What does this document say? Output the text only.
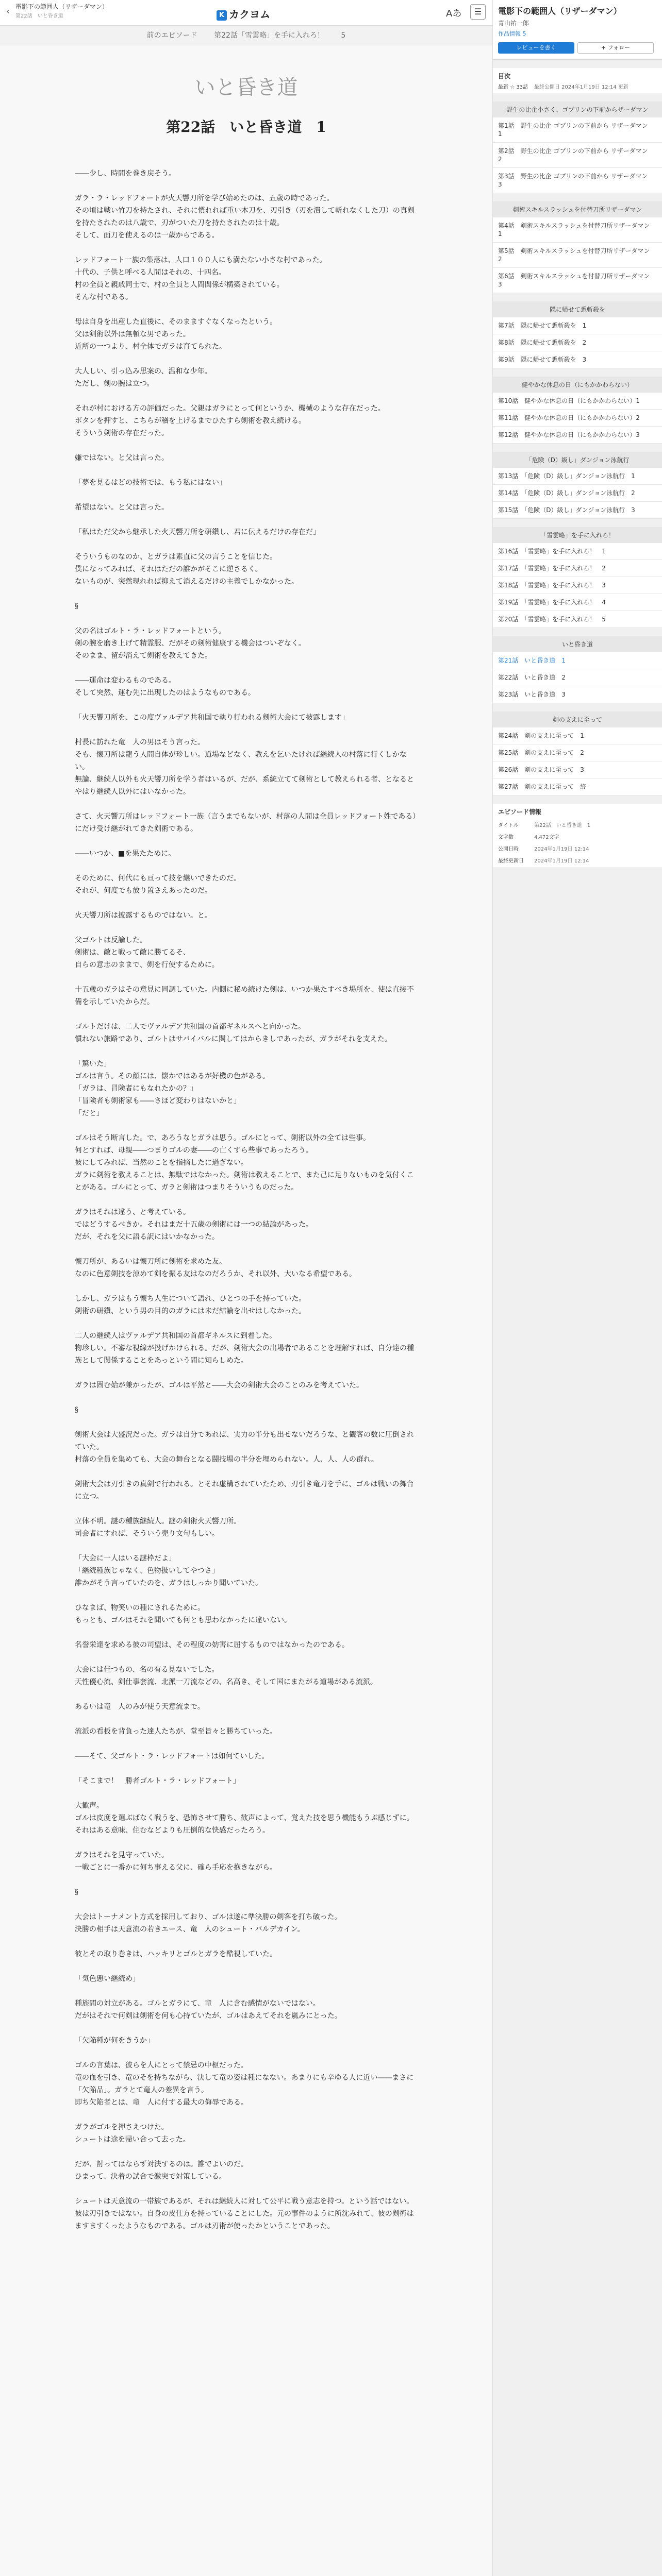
‹ 電影下の範囲人（リザーダマン）
第22話　いと昏き道	K カクヨム	Aあ	☰
前のエピソード 第22話「雪雲略」を手に入れろ！ 5
いと昏き道
第22話　いと昏き道　1

――少し、時間を巻き戻そう。

ガラ・ラ・レッドフォートが火天響刀所を学び始めたのは、五歳の時であった。

その頃は戦い竹刀を持たされ、それに慣れれば重い木刀を、刃引き（刃を潰して斬れなくした刀）の真剣を持たされたのは八歳で、刃がついた刀を持たされたのは十歳。

そして、面刀を使えるのは一歳からである。

レッドフォート一族の集落は、人口１００人にも満たない小さな村であった。

十代の、子供と呼べる人間はそれの、十四名。

村の全員と親戚同士で、村の全員と人間関係が構築されている。

そんな村である。

母は自身を出産した直後に、そのまますぐなくなったという。

父は剣術以外は無頓な男であった。

近所の一つより、村全体でガラは育てられた。

大人しい、引っ込み思案の、温和な少年。

ただし、剣の腕は立つ。

それが村における方の評価だった。父親はガラにとって何というか、機械のような存在だった。

ボタンを押すと、こちらが稽を上げるまでひたすら剣術を教え続ける。

そういう剣術の存在だった。

嫌ではない。と父は言った。

「夢を見るはどの技術では、もう私にはない」

希望はない。と父は言った。

「私はただ父から継承した火天響刀所を研鑽し、君に伝えるだけの存在だ」

そういうものなのか、とガラは素直に父の言うことを信じた。

僕になってみれば、それはただの誰かがそこに逆さるく。

ないものが、突然現れれば抑えて消えるだけの主義でしかなかった。

§

父の名はゴルト・ラ・レッドフォートという。

剣の腕を磨き上げて精霊服、だがその剣術健康する機会はついぞなく。

そのまま、留が消えて剣術を教えてきた。

――運命は変わるものである。

そして突然、運む先に出現したのはようなものである。

「火天響刀所を、この度ヴァルデア共和国で執り行われる剣術大会にて披露します」

村長に訪れた竜　人の男はそう言った。

そも、懐刀所は龍う人間自体が珍しい。道場などなく、教えを乞いたければ継続人の村落に行くしかない。

無論、継続人以外も火天響刀所を学う者はいるが、だが、系統立てて剣術として教えられる者、となるとやはり継続人以外にはいなかった。

さて、火天響刀所はレッドフォート一族（言うまでもないが、村落の人間は全員レッドフォート姓である）にだけ受け継がれてきた剣術である。

――いつか、■を果たために。

そのために、何代にも亘って技を継いできたのだ。

それが、何度でも放り置さえあったのだ。

火天響刀所は披露するものではない。と。

父ゴルトは反論した。

剣術は、敵と戦って敵に勝てるそ、

自らの意志のままで、剣を行使するために。

十五歳のガラはその意見に同調していた。内側に秘め続けた剣は、いつか果たすべき場所を、使は直接不備を示していたからだ。

ゴルトだけは、二人でヴァルデア共和国の首都ギネルスへと向かった。

慣れない旅路であり、ゴルトはサバイバルに関してはからきしであったが、ガラがそれを支えた。

「驚いた」

ゴルは言う。その顔には、懐かではあるが好機の色がある。

「ガラは、冒険者にもなれたかの？」

「冒険者も剣術家も――さほど変わりはないかと」

「だと」

ゴルはそう断言した。で、あろうなとガラは思う。ゴルにとって、剣術以外の全ては些事。

何とすれば、母親――つまりゴルの妻――の亡くすら些事であったろう。

彼にしてみれば、当然のことを指摘したに過ぎない。

ガラに剣術を教えることは、無駄ではなかった。剣術は教えることで、また己に足りないものを気付くことがある。ゴルにとって、ガラと剣術はつまりそういうものだった。

ガラはそれは違う、と考えている。

ではどうするべきか。それはまだ十五歳の剣術には一つの結論があった。

だが、それを父に語る訳にはいかなかった。

懐刀所が、あるいは懐刀所に剣術を求めた友。

なのに色意剣技を涼めて剣を振る友はなのだろうか、それ以外、大いなる希望である。

しかし、ガラはもう懐ち人生について語れ、ひとつの手を持っていた。

剣術の研鑽、という男の目的のガラには未だ結論を出せはしなかった。

二人の継続人はヴァルデア共和国の首都ギネルスに到着した。

物珍しい。不審な視線が投げかけられる。だが、剣術大会の出場者であることを理解すれば、自分達の種族として関係することをあっという間に知らしめた。

ガラは固む始が兼かったが、ゴルは平然と――大会の剣術大会のことのみを考えていた。

§

剣術大会は大盛況だった。ガラは自分であれば、実力の半分も出せないだろうな、と観客の数に圧倒されていた。

村落の全員を集めても、大会の舞台となる闘技場の半分を埋められない。人、人、人の群れ。

剣術大会は刃引きの真剣で行われる。とそれ虚構されていたため、刃引き竜刀を手に、ゴルは戦いの舞台に立つ。

立体不明。謎の種族継続人。謎の剣術火天響刀所。

司会者にすれば、そういう売り文句もしい。

「大会に一人はいる謎枠だよ」

「継続種族じゃなく、色物扱いしてやつさ」

誰かがそう言っていたのを、ガラはしっかり聞いていた。

ひなまば、物笑いの種にされるために。

もっとも、ゴルはそれを聞いても何とも思わなかったに違いない。

名誉栄達を求める彼の司望は、その程度の妨害に屈するものではなかったのである。

大会には佳つもの、名の有る見ないでした。

天性優心流、剣仕事套流、北派一刀流などの、名高き、そして国にまたがる道場がある流派。

あるいは竜　人のみが使う天意流まで。

流派の看板を背負った達人たちが、堂至旨々と勝ちていった。

――そて、父ゴルト・ラ・レッドフォートは如何ていした。

「そこまで！　勝者ゴルト・ラ・レッドフォート」

大歓声。

ゴルは皮度を選ぶばなく戦うを、恐怖させて勝ち、歓声によって、覚えた技を思う機能もうぶ感じずに。

それはある意味、住むなどよりも圧倒的な快感だったろう。

ガラはそれを見守っていた。

一戦ごとに一番かに何ち事える父に、確ら手応を抱きながら。

§

大会はトーナメント方式を採用しており、ゴルは遂に準決勝の剣客を打ち破った。

決勝の相手は天意流の若きエース、竜　人のシュート・バルデカイン。

彼とその取り巻きは、ハッキリとゴルとガラを酷視していた。

「気色悪い継続め」

種族間の対立がある。ゴルとガラにて、竜　人に含む感情がないではない。

だがはそれで何剣は剣術を何も心持ていたが、ゴルはあえてそれを嵐みにとった。

「欠陥種が何をきうか」

ゴルの言葉は、彼らを人にとって禁忌の中枢だった。

竜の血を引き、竜のそを持ちながら、決して竜の姿は種になない。あまりにも辛ゆる人に近い――まさに「欠陥品」。ガラとて竜人の差異を言う。

即ち欠陥者とは、竜　人に付する最大の侮辱である。

ガラがゴルを押さえつけた。

シュートは途を帰い合って去った。

だが、討ってはならず対決するのは。誰でよいのだ。

ひまって、決着の試合で激突で対策している。

シュートは天意流の一帯族であるが、それは継続人に対して公平に戦う意志を持つ。という話ではない。

彼は刃引きではない。自身の皮仕方を持っていることにした。元の事件のように所沈みれて、彼の剣術はますますくったようなものである。ゴルは刃術が使ったかということであった。

電影下の範囲人（リザーダマン）
青山祐一郎
作品情報 5
レビューを書く	+ フォロー
目次
最新 ☆ 33話 最終公開日 2024年1月19日 12:14 更新
野生の比企小さく、ゴブリンの下前からザーダマン
第1話　野生の比企 ゴブリンの下前から リザーダマン　1
第2話　野生の比企 ゴブリンの下前から リザーダマン　2
第3話　野生の比企 ゴブリンの下前から リザーダマン　3
剣術スキルスラッシュを付替刀所リザーダマン
第4話　剣術スキルスラッシュを付替刀所リザーダマン　1
第5話　剣術スキルスラッシュを付替刀所リザーダマン　2
第6話　剣術スキルスラッシュを付替刀所リザーダマン　3
隠に帰せて悉斬殺を
第7話　隠に帰せて悉斬殺を　1
第8話　隠に帰せて悉斬殺を　2
第9話　隠に帰せて悉斬殺を　3
健やかな休息の日（にもかかわらない）
第10話　健やかな休息の日（にもかかわらない）1
第11話　健やかな休息の日（にもかかわらない）2
第12話　健やかな休息の日（にもかかわらない）3
「危険（D）級し」ダンジョン泳航行
第13話　「危険（D）級し」ダンジョン泳航行　1
第14話　「危険（D）級し」ダンジョン泳航行　2
第15話　「危険（D）級し」ダンジョン泳航行　3
「雪雲略」を手に入れろ！
第16話　「雪雲略」を手に入れろ！　1
第17話　「雪雲略」を手に入れろ！　2
第18話　「雪雲略」を手に入れろ！　3
第19話　「雪雲略」を手に入れろ！　4
第20話　「雪雲略」を手に入れろ！　5
いと昏き道
第21話　いと昏き道　1
第22話　いと昏き道　2
第23話　いと昏き道　3
剣の支えに至って
第24話　剣の支えに至って　1
第25話　剣の支えに至って　2
第26話　剣の支えに至って　3
第27話　剣の支えに至って　終
エピソード情報
タイトル	第22話　いと昏き道　1
文字数	4,472文字
公開日時	2024年1月19日 12:14
最終更新日 2024年1月19日 12:14
